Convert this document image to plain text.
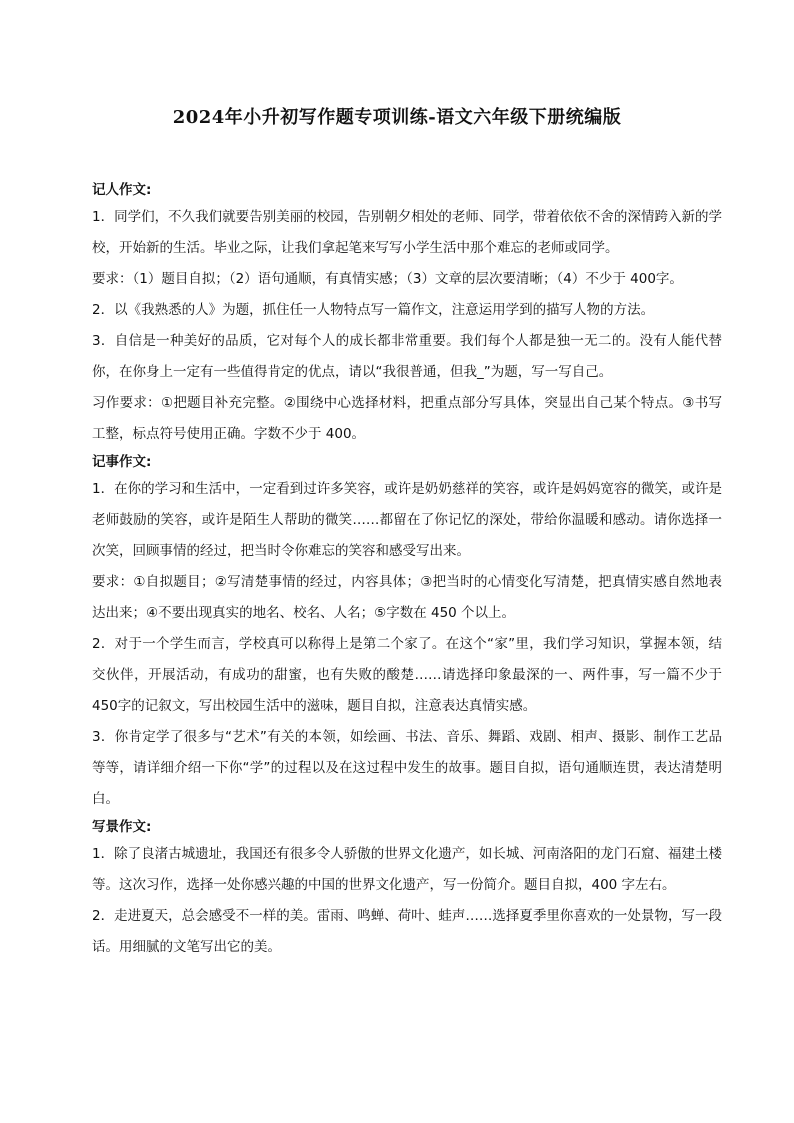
2024年小升初写作题专项训练-语文六年级下册统编版
记人作文:

1．同学们，不久我们就要告别美丽的校园，告别朝夕相处的老师、同学，带着依依不舍的深情跨入新的学校，开始新的生活。毕业之际，让我们拿起笔来写写小学生活中那个难忘的老师或同学。

要求：（1）题目自拟；（2）语句通顺，有真情实感；（3）文章的层次要清晰；（4）不少于 400字。

2．以《我熟悉的人》为题，抓住任一人物特点写一篇作文，注意运用学到的描写人物的方法。

3．自信是一种美好的品质，它对每个人的成长都非常重要。我们每个人都是独一无二的。没有人能代替你，在你身上一定有一些值得肯定的优点，请以“我很普通，但我_”为题，写一写自己。

习作要求：①把题目补充完整。②围绕中心选择材料，把重点部分写具体，突显出自己某个特点。③书写工整，标点符号使用正确。字数不少于 400。

记事作文:

1．在你的学习和生活中，一定看到过许多笑容，或许是奶奶慈祥的笑容，或许是妈妈宽容的微笑，或许是老师鼓励的笑容，或许是陌生人帮助的微笑……都留在了你记忆的深处，带给你温暖和感动。请你选择一次笑，回顾事情的经过，把当时令你难忘的笑容和感受写出来。

要求：①自拟题目；②写清楚事情的经过，内容具体；③把当时的心情变化写清楚，把真情实感自然地表达出来；④不要出现真实的地名、校名、人名；⑤字数在 450 个以上。

2．对于一个学生而言，学校真可以称得上是第二个家了。在这个“家”里，我们学习知识，掌握本领，结交伙伴，开展活动，有成功的甜蜜，也有失败的酸楚……请选择印象最深的一、两件事，写一篇不少于 450字的记叙文，写出校园生活中的滋味，题目自拟，注意表达真情实感。

3．你肯定学了很多与“艺术”有关的本领，如绘画、书法、音乐、舞蹈、戏剧、相声、摄影、制作工艺品等等，请详细介绍一下你“学”的过程以及在这过程中发生的故事。题目自拟，语句通顺连贯，表达清楚明白。

写景作文:

1．除了良渚古城遗址，我国还有很多令人骄傲的世界文化遗产，如长城、河南洛阳的龙门石窟、福建土楼等。这次习作，选择一处你感兴趣的中国的世界文化遗产，写一份简介。题目自拟，400 字左右。

2．走进夏天，总会感受不一样的美。雷雨、鸣蝉、荷叶、蛙声……选择夏季里你喜欢的一处景物，写一段话。用细腻的文笔写出它的美。
